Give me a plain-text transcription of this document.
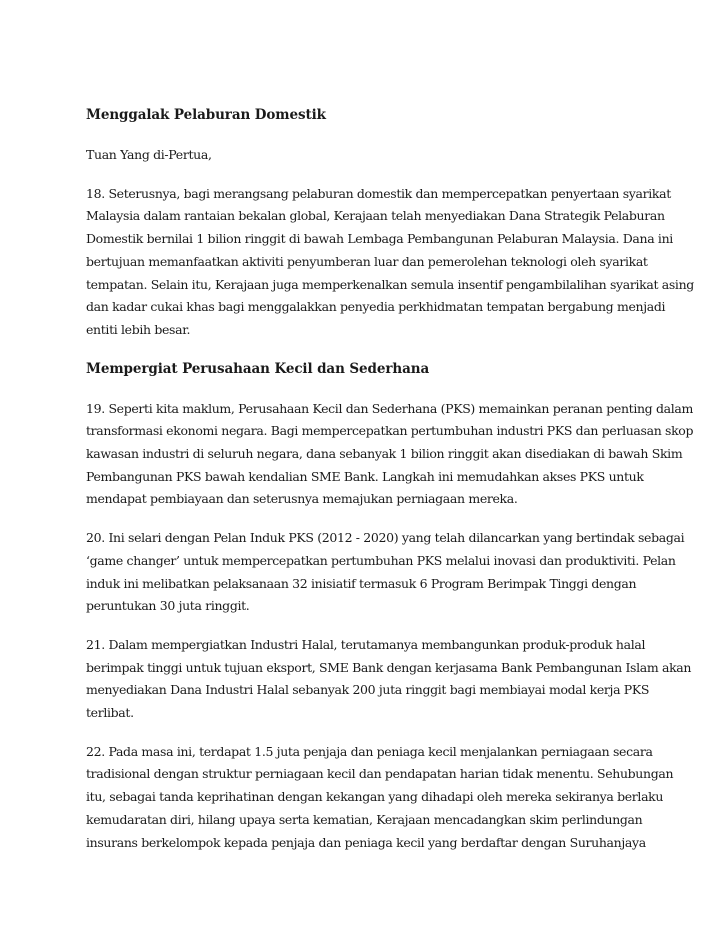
Menggalak Pelaburan Domestik
Tuan Yang di-Pertua,
18. Seterusnya, bagi merangsang pelaburan domestik dan mempercepatkan penyertaan syarikat
Malaysia dalam rantaian bekalan global, Kerajaan telah menyediakan Dana Strategik Pelaburan
Domestik bernilai 1 bilion ringgit di bawah Lembaga Pembangunan Pelaburan Malaysia. Dana ini
bertujuan memanfaatkan aktiviti penyumberan luar dan pemerolehan teknologi oleh syarikat
tempatan. Selain itu, Kerajaan juga memperkenalkan semula insentif pengambilalihan syarikat asing
dan kadar cukai khas bagi menggalakkan penyedia perkhidmatan tempatan bergabung menjadi
entiti lebih besar.
Mempergiat Perusahaan Kecil dan Sederhana
19. Seperti kita maklum, Perusahaan Kecil dan Sederhana (PKS) memainkan peranan penting dalam
transformasi ekonomi negara. Bagi mempercepatkan pertumbuhan industri PKS dan perluasan skop
kawasan industri di seluruh negara, dana sebanyak 1 bilion ringgit akan disediakan di bawah Skim
Pembangunan PKS bawah kendalian SME Bank. Langkah ini memudahkan akses PKS untuk
mendapat pembiayaan dan seterusnya memajukan perniagaan mereka.
20. Ini selari dengan Pelan Induk PKS (2012 - 2020) yang telah dilancarkan yang bertindak sebagai
‘game changer’ untuk mempercepatkan pertumbuhan PKS melalui inovasi dan produktiviti. Pelan
induk ini melibatkan pelaksanaan 32 inisiatif termasuk 6 Program Berimpak Tinggi dengan
peruntukan 30 juta ringgit.
21. Dalam mempergiatkan Industri Halal, terutamanya membangunkan produk-produk halal
berimpak tinggi untuk tujuan eksport, SME Bank dengan kerjasama Bank Pembangunan Islam akan
menyediakan Dana Industri Halal sebanyak 200 juta ringgit bagi membiayai modal kerja PKS
terlibat.
22. Pada masa ini, terdapat 1.5 juta penjaja dan peniaga kecil menjalankan perniagaan secara
tradisional dengan struktur perniagaan kecil dan pendapatan harian tidak menentu. Sehubungan
itu, sebagai tanda keprihatinan dengan kekangan yang dihadapi oleh mereka sekiranya berlaku
kemudaratan diri, hilang upaya serta kematian, Kerajaan mencadangkan skim perlindungan
insurans berkelompok kepada penjaja dan peniaga kecil yang berdaftar dengan Suruhanjaya
